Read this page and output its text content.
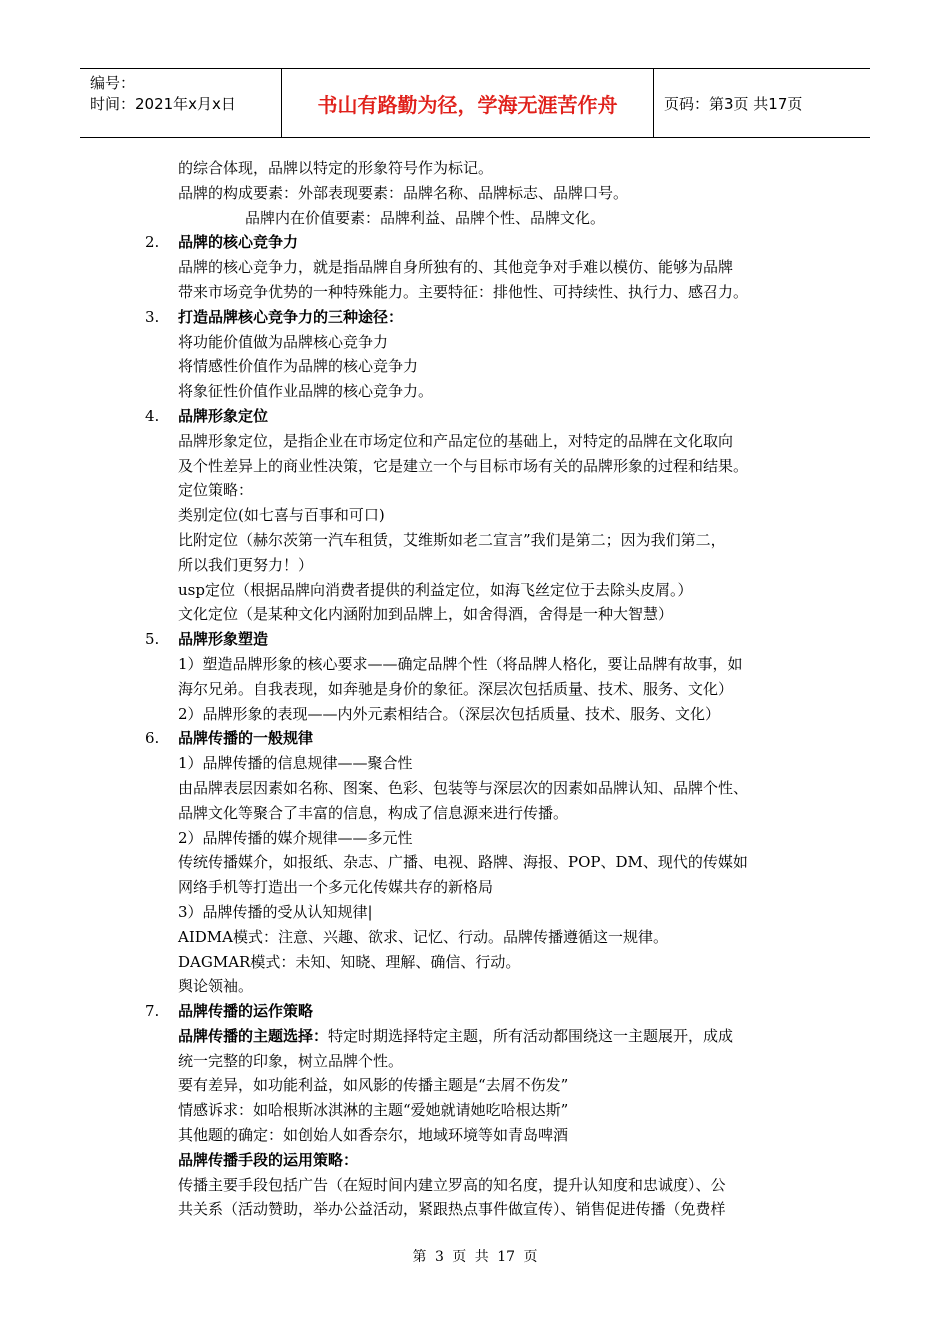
编号：
时间：2021年x月x日	书山有路勤为径，学海无涯苦作舟	页码：第3页 共17页
的综合体现，品牌以特定的形象符号作为标记。
品牌的构成要素：外部表现要素：品牌名称、品牌标志、品牌口号。
品牌内在价值要素：品牌利益、品牌个性、品牌文化。
2. 品牌的核心竞争力
品牌的核心竞争力，就是指品牌自身所独有的、其他竞争对手难以模仿、能够为品牌
带来市场竞争优势的一种特殊能力。主要特征：排他性、可持续性、执行力、感召力。
3. 打造品牌核心竞争力的三种途径：
将功能价值做为品牌核心竞争力
将情感性价值作为品牌的核心竞争力
将象征性价值作业品牌的核心竞争力。
4. 品牌形象定位
品牌形象定位，是指企业在市场定位和产品定位的基础上，对特定的品牌在文化取向
及个性差异上的商业性决策，它是建立一个与目标市场有关的品牌形象的过程和结果。
定位策略：
类别定位(如七喜与百事和可口)
比附定位（赫尔茨第一汽车租赁，艾维斯如老二宣言”我们是第二；因为我们第二，
所以我们更努力！）
usp定位（根据品牌向消费者提供的利益定位，如海飞丝定位于去除头皮屑。）
文化定位（是某种文化内涵附加到品牌上，如舍得酒，舍得是一种大智慧）
5. 品牌形象塑造
1）塑造品牌形象的核心要求——确定品牌个性（将品牌人格化，要让品牌有故事，如
海尔兄弟。自我表现，如奔驰是身价的象征。深层次包括质量、技术、服务、文化）
2）品牌形象的表现——内外元素相结合。（深层次包括质量、技术、服务、文化）
6. 品牌传播的一般规律
1）品牌传播的信息规律——聚合性
由品牌表层因素如名称、图案、色彩、包装等与深层次的因素如品牌认知、品牌个性、
品牌文化等聚合了丰富的信息，构成了信息源来进行传播。
2）品牌传播的媒介规律——多元性
传统传播媒介，如报纸、杂志、广播、电视、路牌、海报、POP、DM、现代的传媒如
网络手机等打造出一个多元化传媒共存的新格局
3）品牌传播的受从认知规律|
AIDMA模式：注意、兴趣、欲求、记忆、行动。品牌传播遵循这一规律。
DAGMAR模式：未知、知晓、理解、确信、行动。
舆论领袖。
7. 品牌传播的运作策略
品牌传播的主题选择：特定时期选择特定主题，所有活动都围绕这一主题展开，成成
统一完整的印象，树立品牌个性。
要有差异，如功能利益，如风影的传播主题是“去屑不伤发”
情感诉求：如哈根斯冰淇淋的主题“爱她就请她吃哈根达斯”
其他题的确定：如创始人如香奈尔，地域环境等如青岛啤酒
品牌传播手段的运用策略：
传播主要手段包括广告（在短时间内建立罗高的知名度，提升认知度和忠诚度）、公
共关系（活动赞助，举办公益活动，紧跟热点事件做宣传）、销售促进传播（免费样
第 3 页 共 17 页
